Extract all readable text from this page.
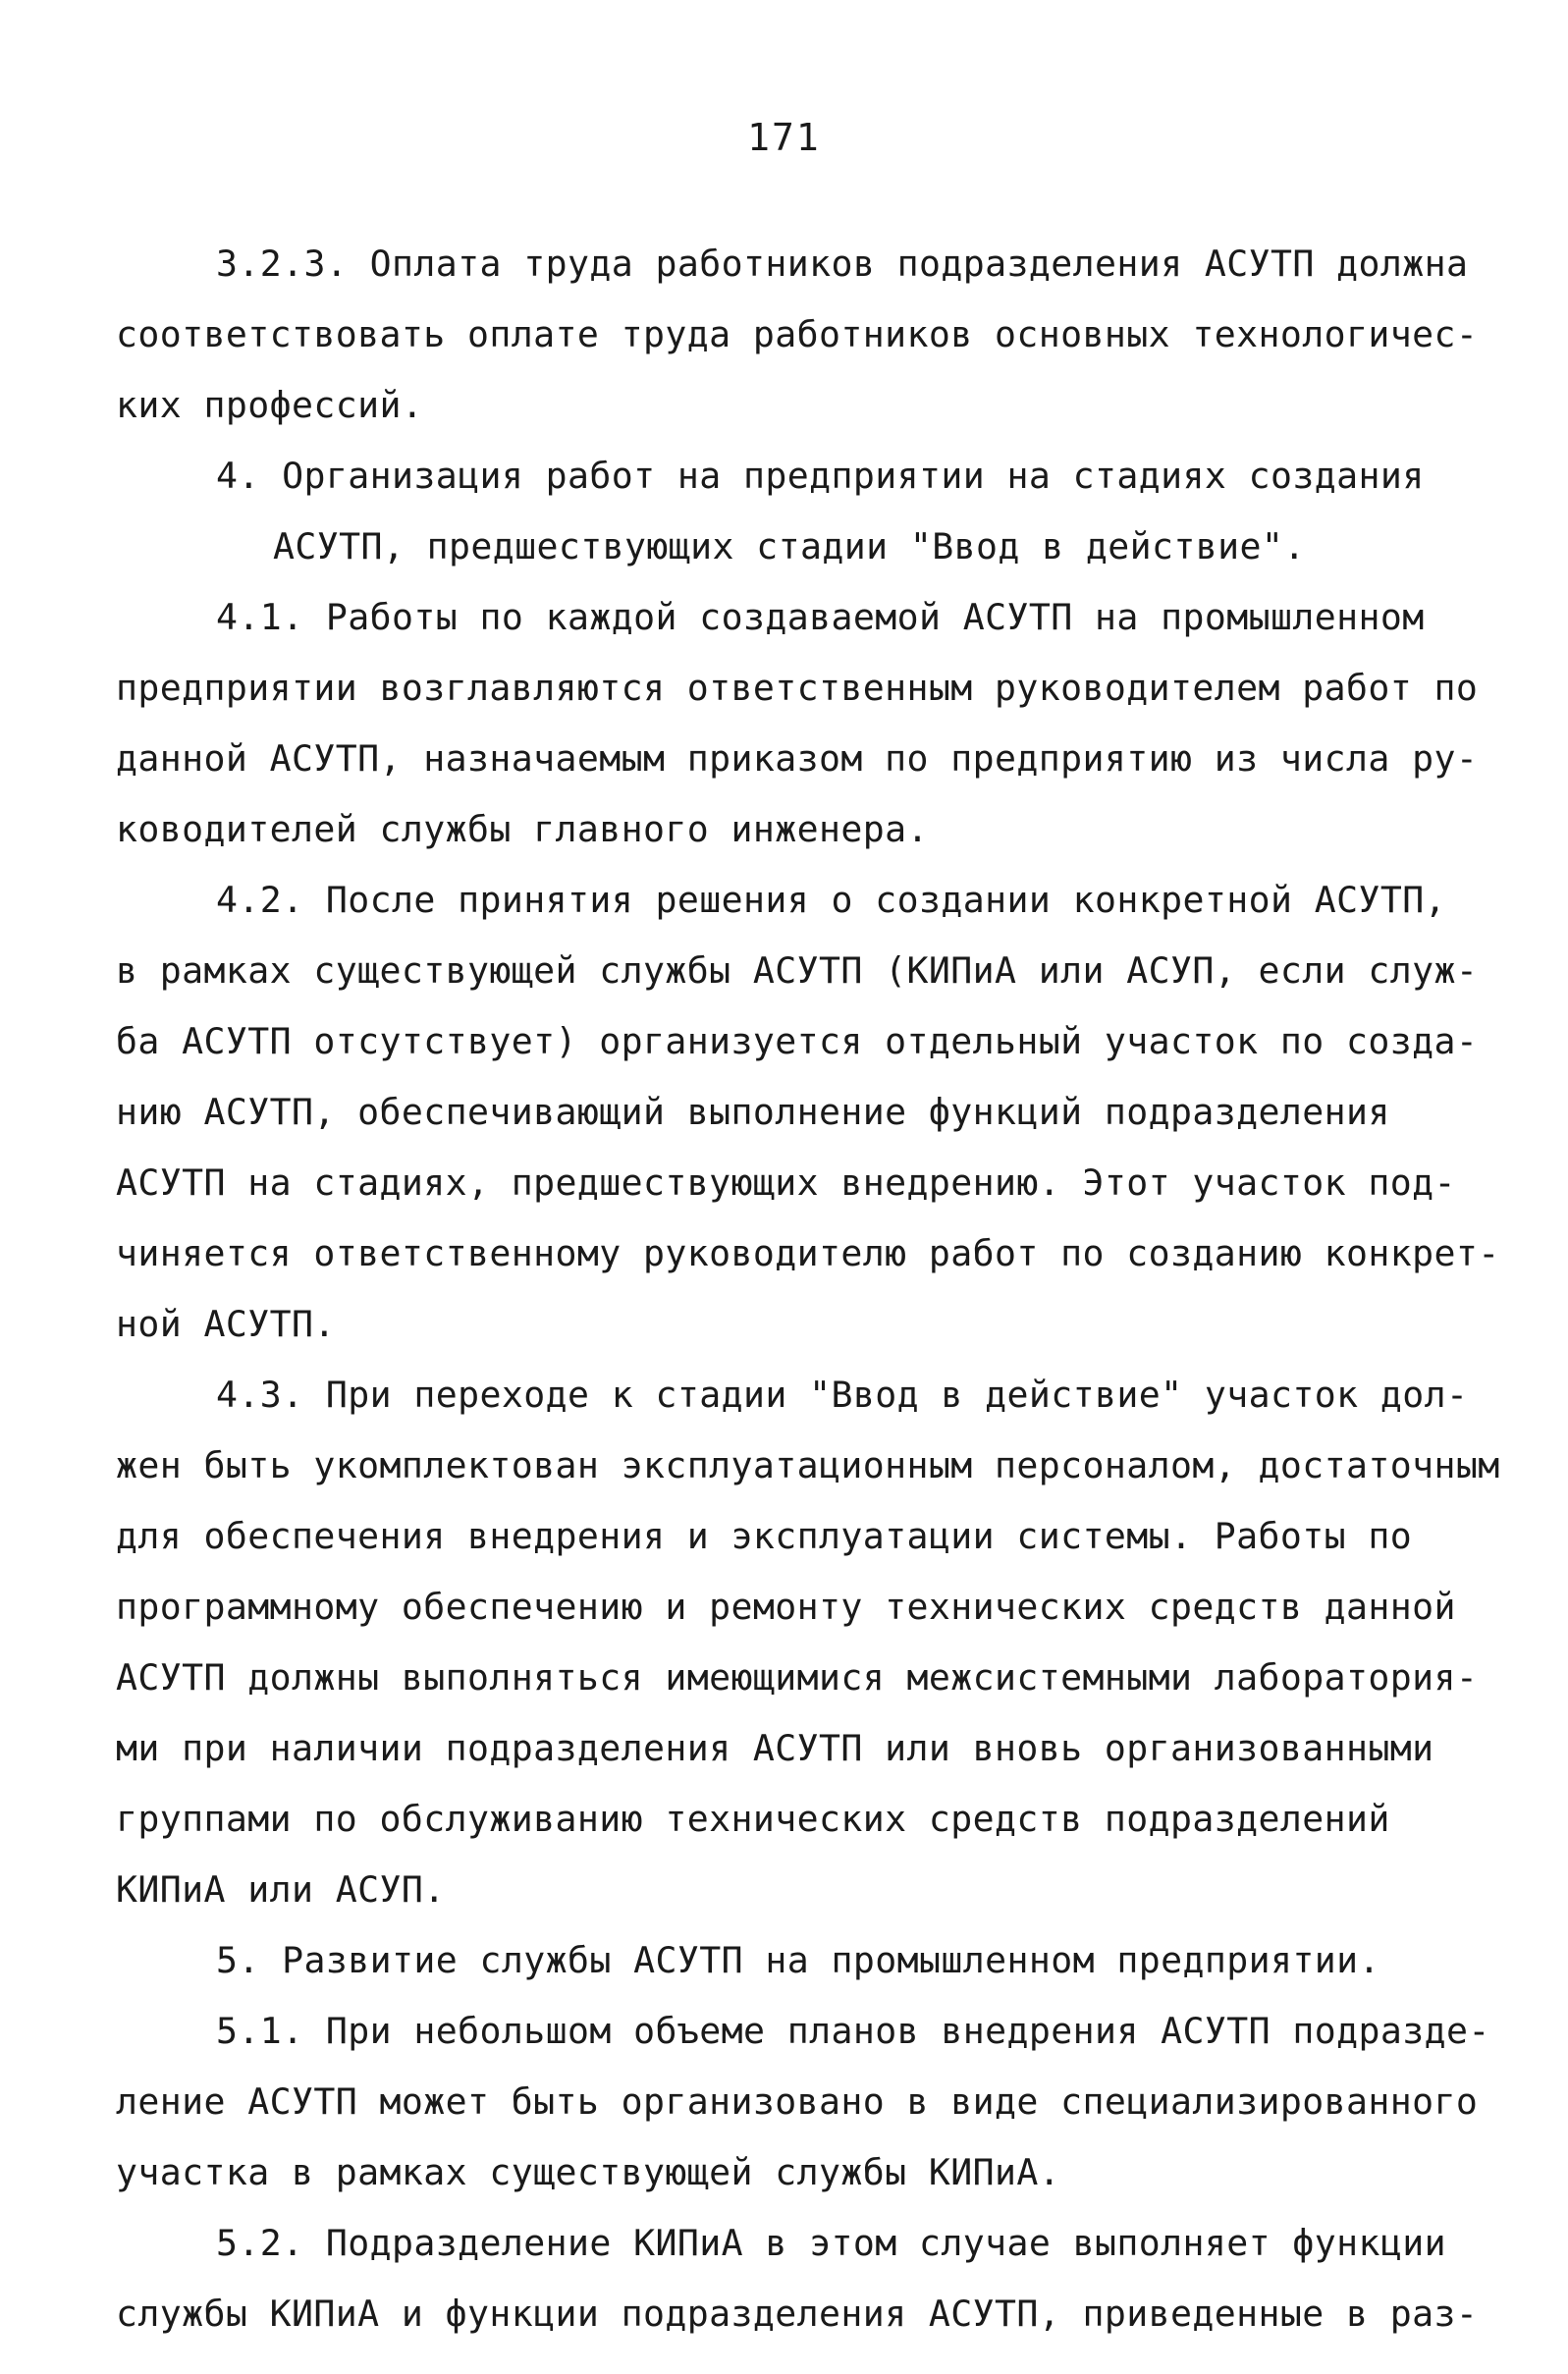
171
3.2.3. Оплата труда работников подразделения АСУТП должна
соответствовать оплате труда работников основных технологичес-
ких профессий.
4. Организация работ на предприятии на стадиях создания
АСУТП, предшествующих стадии "Ввод в действие".
4.1. Работы по каждой создаваемой АСУТП на промышленном
предприятии возглавляются ответственным руководителем работ по
данной АСУТП, назначаемым приказом по предприятию из числа ру-
ководителей службы главного инженера.
4.2. После принятия решения о создании конкретной АСУТП,
в рамках существующей службы АСУТП (КИПиА или АСУП, если служ-
ба АСУТП отсутствует) организуется отдельный участок по созда-
нию АСУТП, обеспечивающий выполнение функций подразделения
АСУТП на стадиях, предшествующих внедрению. Этот участок под-
чиняется ответственному руководителю работ по созданию конкрет-
ной АСУТП.
4.3. При переходе к стадии "Ввод в действие" участок дол-
жен быть укомплектован эксплуатационным персоналом, достаточным
для обеспечения внедрения и эксплуатации системы. Работы по
программному обеспечению и ремонту технических средств данной
АСУТП должны выполняться имеющимися межсистемными лаборатория-
ми при наличии подразделения АСУТП или вновь организованными
группами по обслуживанию технических средств подразделений
КИПиА или АСУП.
5. Развитие службы АСУТП на промышленном предприятии.
5.1. При небольшом объеме планов внедрения АСУТП подразде-
ление АСУТП может быть организовано в виде специализированного
участка в рамках существующей службы КИПиА.
5.2. Подразделение КИПиА в этом случае выполняет функции
службы КИПиА и функции подразделения АСУТП, приведенные в раз-
